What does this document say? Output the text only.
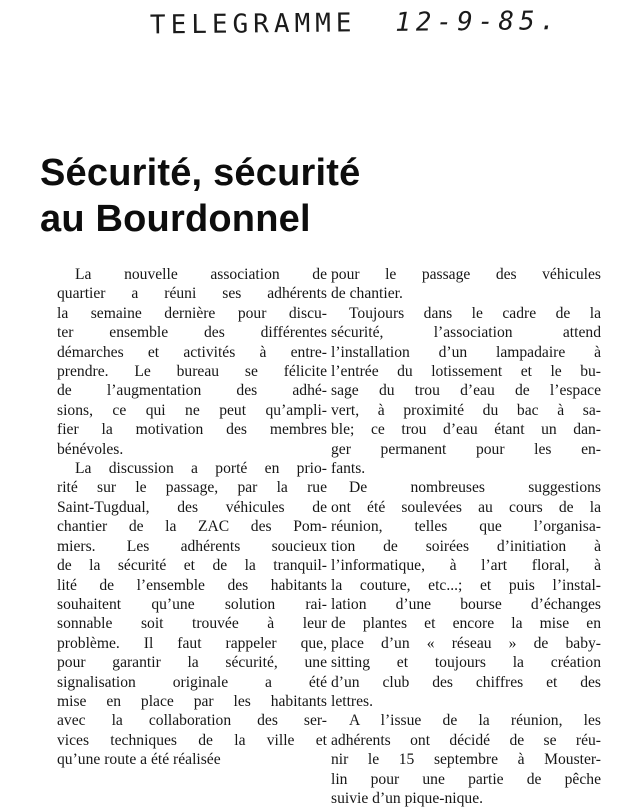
TELEGRAMME 12-9-85.
Sécurité, sécurité
au Bourdonnel

La nouvelle association de
quartier a réuni ses adhérents
la semaine dernière pour discu-
ter ensemble des différentes
démarches et activités à entre-
prendre. Le bureau se félicite
de l’augmentation des adhé-
sions, ce qui ne peut qu’ampli-
fier la motivation des membres
bénévoles.

La discussion a porté en prio-
rité sur le passage, par la rue
Saint-Tugdual, des véhicules de
chantier de la ZAC des Pom-
miers. Les adhérents soucieux
de la sécurité et de la tranquil-
lité de l’ensemble des habitants
souhaitent qu’une solution rai-
sonnable soit trouvée à leur
problème. Il faut rappeler que,
pour garantir la sécurité, une
signalisation originale a été
mise en place par les habitants
avec la collaboration des ser-
vices techniques de la ville et
qu’une route a été réalisée

pour le passage des véhicules
de chantier.

Toujours dans le cadre de la
sécurité, l’association attend
l’installation d’un lampadaire à
l’entrée du lotissement et le bu-
sage du trou d’eau de l’espace
vert, à proximité du bac à sa-
ble; ce trou d’eau étant un dan-
ger permanent pour les en-
fants.

De nombreuses suggestions
ont été soulevées au cours de la
réunion, telles que l’organisa-
tion de soirées d’initiation à
l’informatique, à l’art floral, à
la couture, etc...; et puis l’instal-
lation d’une bourse d’échanges
de plantes et encore la mise en
place d’un « réseau » de baby-
sitting et toujours la création
d’un club des chiffres et des
lettres.

A l’issue de la réunion, les
adhérents ont décidé de se réu-
nir le 15 septembre à Mouster-
lin pour une partie de pêche
suivie d’un pique-nique.
